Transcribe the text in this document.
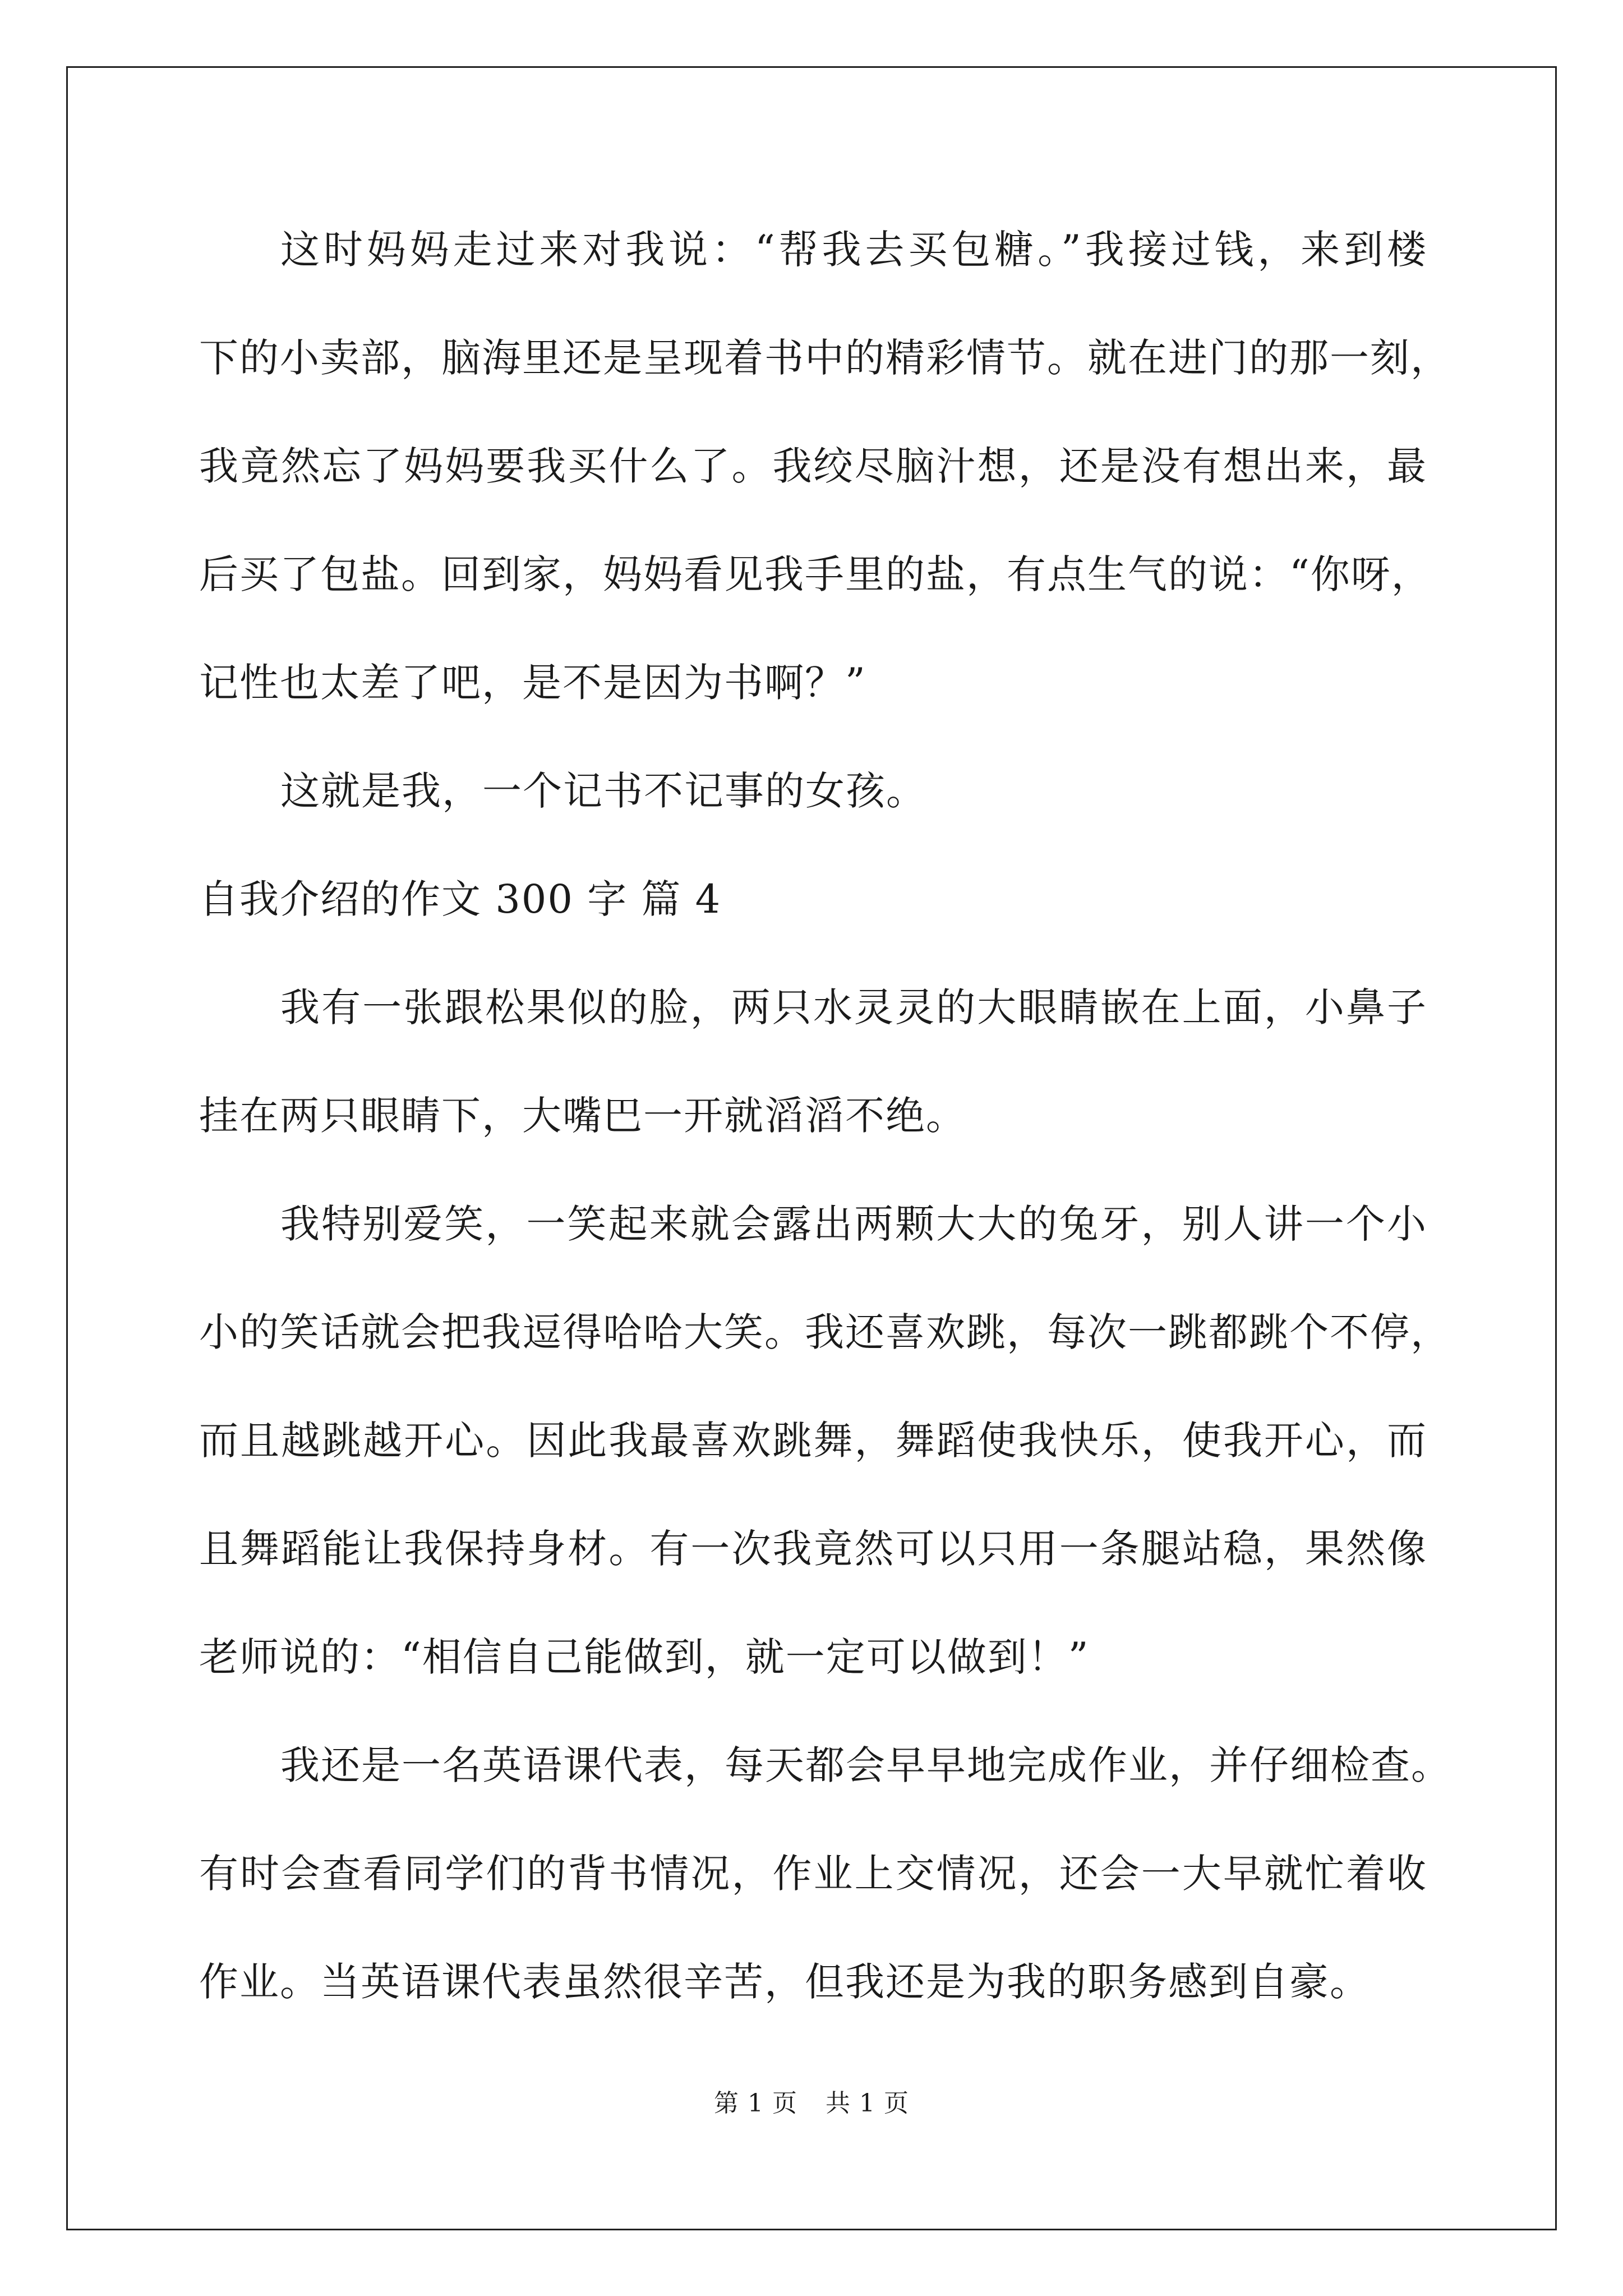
这时妈妈走过来对我说：“帮我去买包糖。”我接过钱，来到楼
下的小卖部，脑海里还是呈现着书中的精彩情节。就在进门的那一刻，
我竟然忘了妈妈要我买什么了。我绞尽脑汁想，还是没有想出来，最
后买了包盐。回到家，妈妈看见我手里的盐，有点生气的说：“你呀，
记性也太差了吧，是不是因为书啊？”
这就是我，一个记书不记事的女孩。
自我介绍的作文 300 字 篇 4
我有一张跟松果似的脸，两只水灵灵的大眼睛嵌在上面，小鼻子
挂在两只眼睛下，大嘴巴一开就滔滔不绝。
我特别爱笑，一笑起来就会露出两颗大大的兔牙，别人讲一个小
小的笑话就会把我逗得哈哈大笑。我还喜欢跳，每次一跳都跳个不停，
而且越跳越开心。因此我最喜欢跳舞，舞蹈使我快乐，使我开心，而
且舞蹈能让我保持身材。有一次我竟然可以只用一条腿站稳，果然像
老师说的：“相信自己能做到，就一定可以做到！”
我还是一名英语课代表，每天都会早早地完成作业，并仔细检查。
有时会查看同学们的背书情况，作业上交情况，还会一大早就忙着收
作业。当英语课代表虽然很辛苦，但我还是为我的职务感到自豪。
第 1 页 共 1 页
